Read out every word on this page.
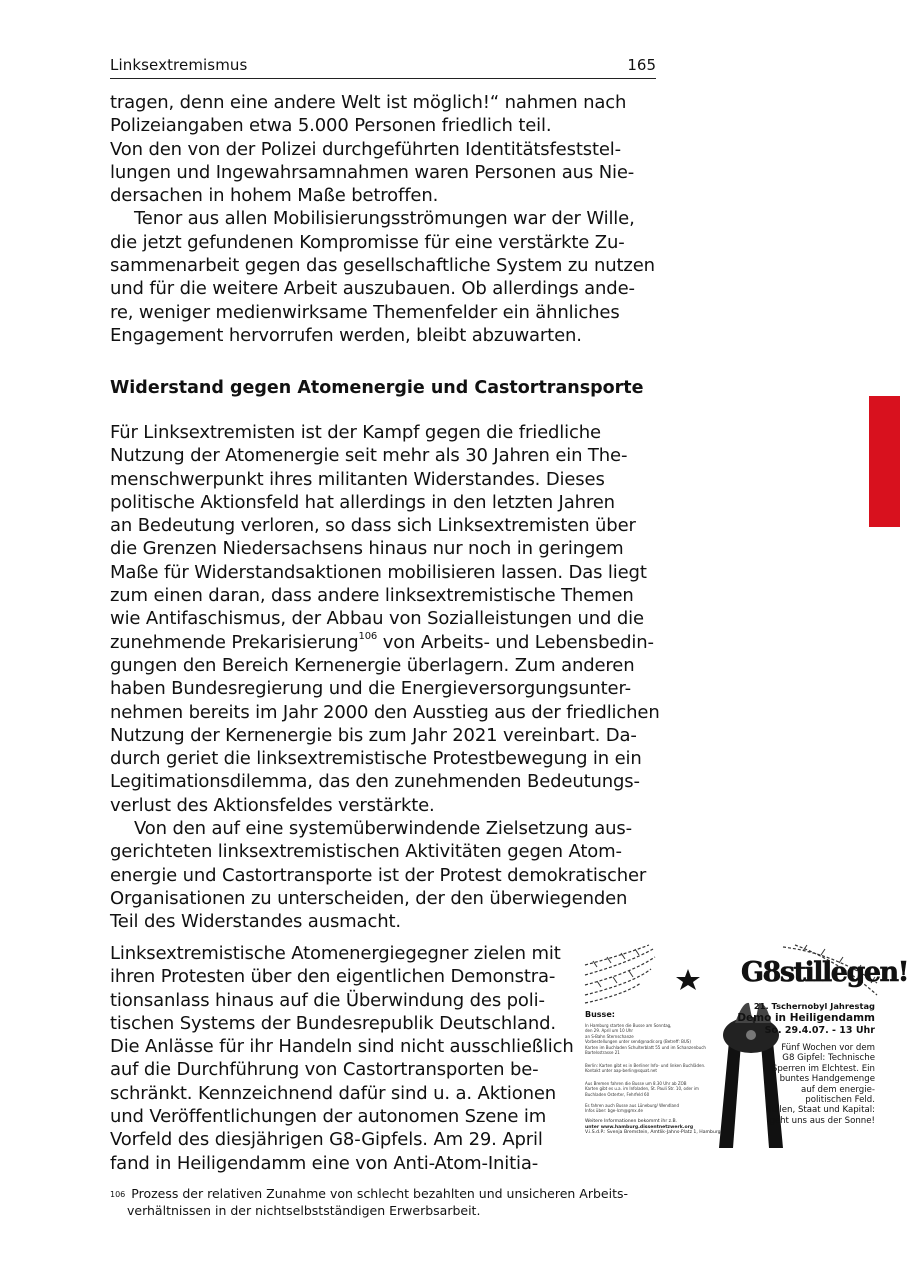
Linksextremismus	165
tragen, denn eine andere Welt ist möglich!“ nahmen nach
Polizeiangaben etwa 5.000 Personen friedlich teil.
Von den von der Polizei durchgeführten Identitätsfeststel-
lungen und Ingewahrsamnahmen waren Personen aus Nie-
dersachen in hohem Maße betroffen.
Tenor aus allen Mobilisierungsströmungen war der Wille,
die jetzt gefundenen Kompromisse für eine verstärkte Zu-
sammenarbeit gegen das gesellschaftliche System zu nutzen
und für die weitere Arbeit auszubauen. Ob allerdings ande-
re, weniger medienwirksame Themenfelder ein ähnliches
Engagement hervorrufen werden, bleibt abzuwarten.
Widerstand gegen Atomenergie und Castortransporte
Für Linksextremisten ist der Kampf gegen die friedliche
Nutzung der Atomenergie seit mehr als 30 Jahren ein The-
menschwerpunkt ihres militanten Widerstandes. Dieses
politische Aktionsfeld hat allerdings in den letzten Jahren
an Bedeutung verloren, so dass sich Linksextremisten über
die Grenzen Niedersachsens hinaus nur noch in geringem
Maße für Widerstandsaktionen mobilisieren lassen. Das liegt
zum einen daran, dass andere linksextremistische Themen
wie Antifaschismus, der Abbau von Sozialleistungen und die
zunehmende Prekarisierung$^{106}$ von Arbeits- und Lebensbedin-
gungen den Bereich Kernenergie überlagern. Zum anderen
haben Bundesregierung und die Energieversorgungsunter-
nehmen bereits im Jahr 2000 den Ausstieg aus der friedlichen
Nutzung der Kernenergie bis zum Jahr 2021 vereinbart. Da-
durch geriet die linksextremistische Protestbewegung in ein
Legitimationsdilemma, das den zunehmenden Bedeutungs-
verlust des Aktionsfeldes verstärkte.
Von den auf eine systemüberwindende Zielsetzung aus-
gerichteten linksextremistischen Aktivitäten gegen Atom-
energie und Castortransporte ist der Protest demokratischer
Organisationen zu unterscheiden, der den überwiegenden
Teil des Widerstandes ausmacht.
Linksextremistische Atomenergiegegner zielen mit
ihren Protesten über den eigentlichen Demonstra-
tionsanlass hinaus auf die Überwindung des poli-
tischen Systems der Bundesrepublik Deutschland.
Die Anlässe für ihr Handeln sind nicht ausschließlich
auf die Durchführung von Castortransporten be-
schränkt. Kennzeichnend dafür sind u. a. Aktionen
und Veröffentlichungen der autonomen Szene im
Vorfeld des diesjährigen G8-Gipfels. Am 29. April
fand in Heiligendamm eine von Anti-Atom-Initia-
G8stillegen!
21. Tschernobyl Jahrestag
Demo in Heiligendamm
So. 29.4.07. - 13 Uhr
Fünf Wochen vor dem
G8 Gipfel: Technische
Sperren im Elchtest. Ein
buntes Handgemenge
auf dem energie-
politischen Feld.
Bullen, Staat und Kapital:
geht uns aus der Sonne!
Busse:
In Hamburg starten die Busse am Sonntag,
den 29. April um 10 Uhr
an S-Bahn Sternschanze
Vorbestellungen unter send@nadir.org (Betreff: BUS)
Karten im Buchladen Schulterblatt 55 und im Schanzenbuch
Bartelsstrasse 21
Berlin: Karten gibt es in Berliner Info- und linken Buchläden.
Kontakt unter aap-berlin@squat.net
Aus Bremen fahren die Busse um 8.30 Uhr ab ZOB
Karten gibt es u.a. im Infoladen, St. Pauli Str. 10, oder im
Buchladen Osterter, Fehrfeld 60
Es fahren auch Busse aus Lüneburg/ Wendland
Infos über: bge-lcm@gmx.de
Weitere Informationen bekommt ihr z.B.
unter www.hamburg.dissentnetzwerk.org
V.i.S.d.P.: Svenja Bremstein, Amtlik-Jahns-Platz 1, Hamburg
$^{106}$ Prozess der relativen Zunahme von schlecht bezahlten und unsicheren Arbeits-
verhältnissen in der nichtselbstständigen Erwerbsarbeit.
